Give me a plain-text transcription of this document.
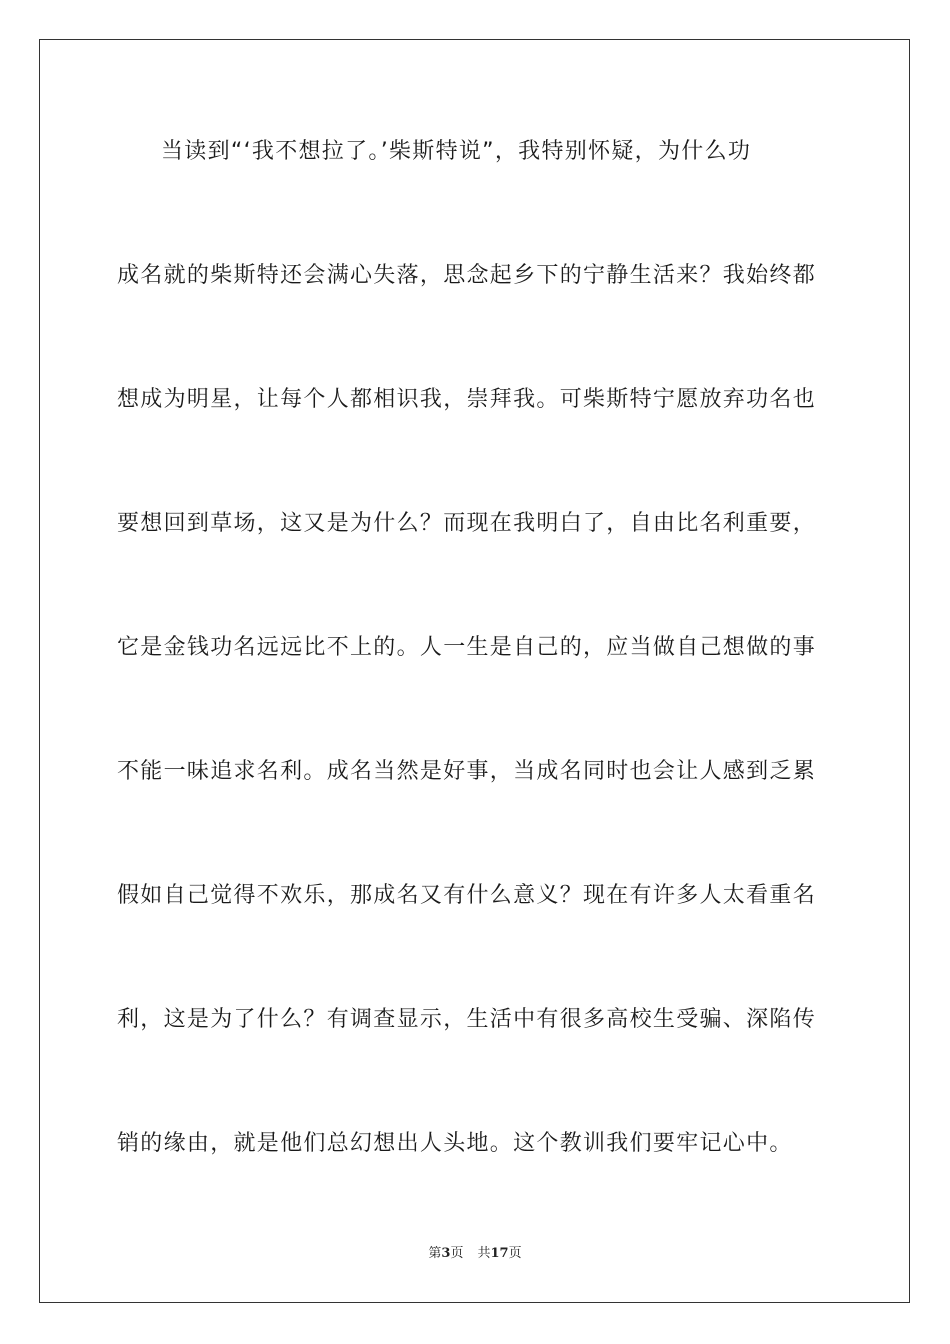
当读到“‘我不想拉了。’柴斯特说”，我特别怀疑，为什么功
成名就的柴斯特还会满心失落，思念起乡下的宁静生活来？我始终都
想成为明星，让每个人都相识我，崇拜我。可柴斯特宁愿放弃功名也
要想回到草场，这又是为什么？而现在我明白了，自由比名利重要，
它是金钱功名远远比不上的。人一生是自己的，应当做自己想做的事
不能一味追求名利。成名当然是好事，当成名同时也会让人感到乏累
假如自己觉得不欢乐，那成名又有什么意义？现在有许多人太看重名
利，这是为了什么？有调查显示，生活中有很多高校生受骗、深陷传
销的缘由，就是他们总幻想出人头地。这个教训我们要牢记心中。
第3页 共17页
